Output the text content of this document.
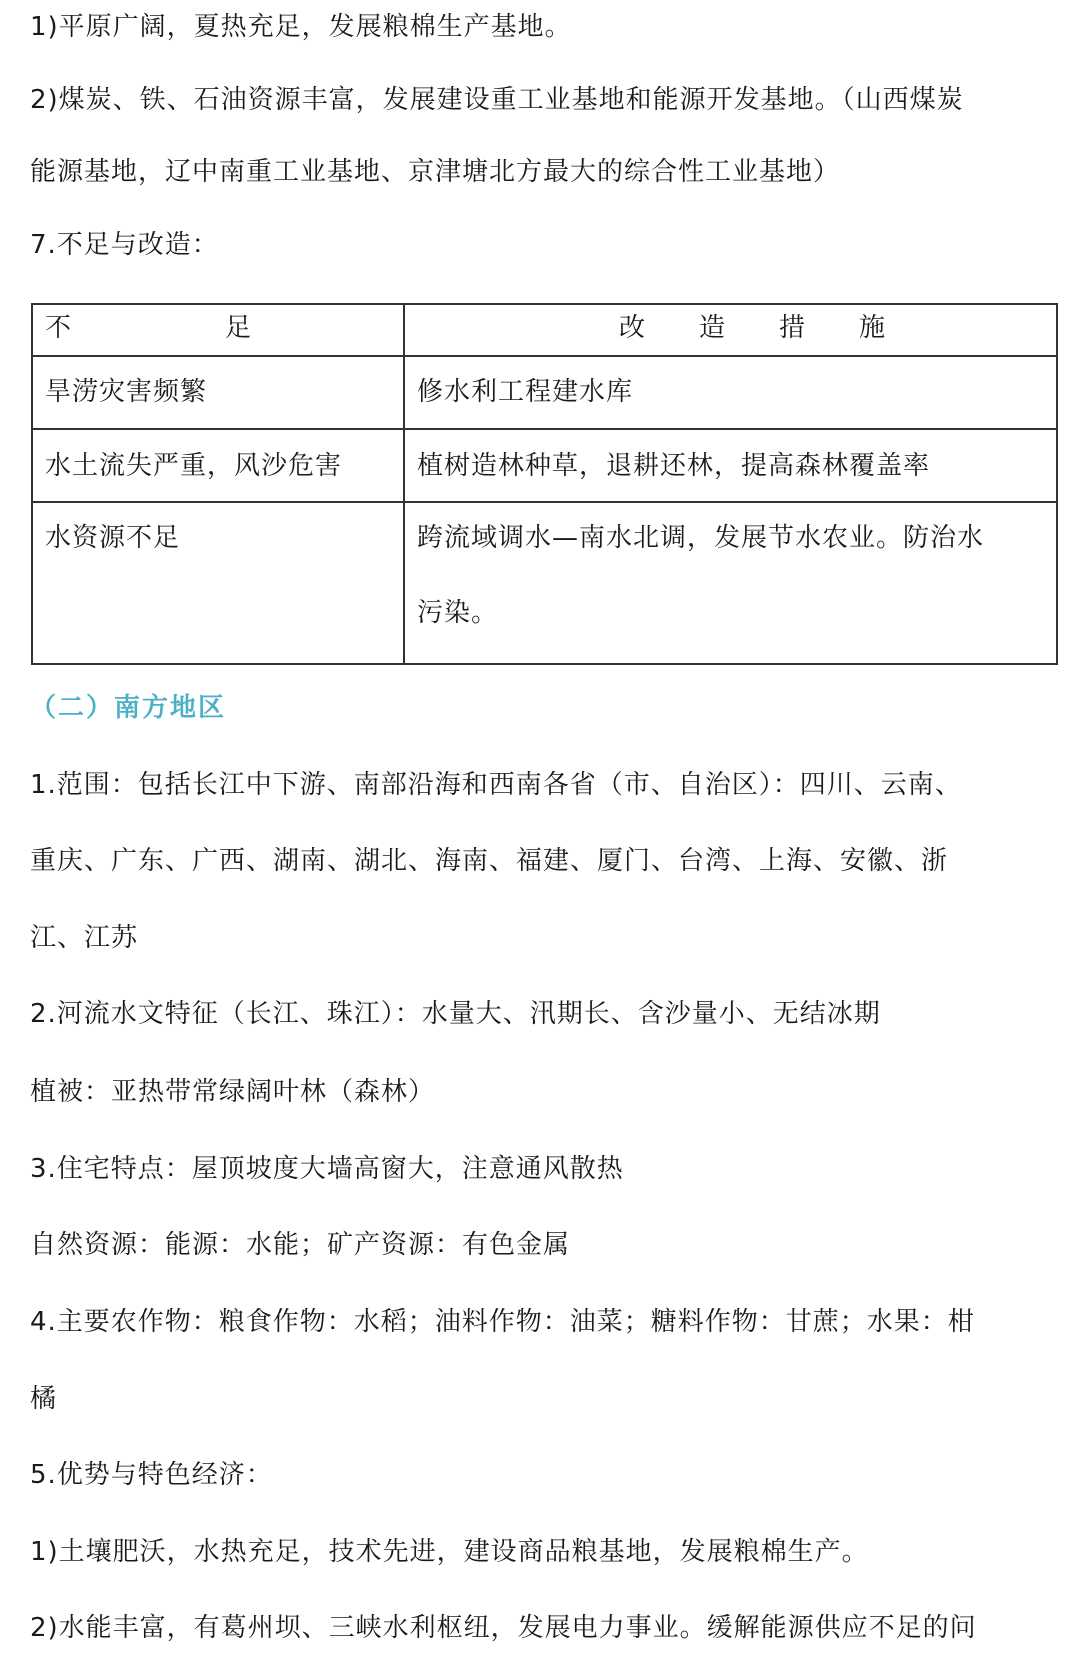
1)平原广阔，夏热充足，发展粮棉生产基地。
2)煤炭、铁、石油资源丰富，发展建设重工业基地和能源开发基地。（山西煤炭
能源基地，辽中南重工业基地、京津塘北方最大的综合性工业基地）
7.不足与改造：
不　　足	改　造　措　施
旱涝灾害频繁	修水利工程建水库
水土流失严重，风沙危害	植树造林种草，退耕还林，提高森林覆盖率
水资源不足	跨流域调水—南水北调，发展节水农业。防治水
污染。
（二）南方地区
1.范围：包括长江中下游、南部沿海和西南各省（市、自治区）：四川、云南、
重庆、广东、广西、湖南、湖北、海南、福建、厦门、台湾、上海、安徽、浙
江、江苏
2.河流水文特征（长江、珠江）：水量大、汛期长、含沙量小、无结冰期
植被：亚热带常绿阔叶林（森林）
3.住宅特点：屋顶坡度大墙高窗大，注意通风散热
自然资源：能源：水能；矿产资源：有色金属
4.主要农作物：粮食作物：水稻；油料作物：油菜；糖料作物：甘蔗；水果：柑
橘
5.优势与特色经济：
1)土壤肥沃，水热充足，技术先进，建设商品粮基地，发展粮棉生产。
2)水能丰富，有葛州坝、三峡水利枢纽，发展电力事业。缓解能源供应不足的问
